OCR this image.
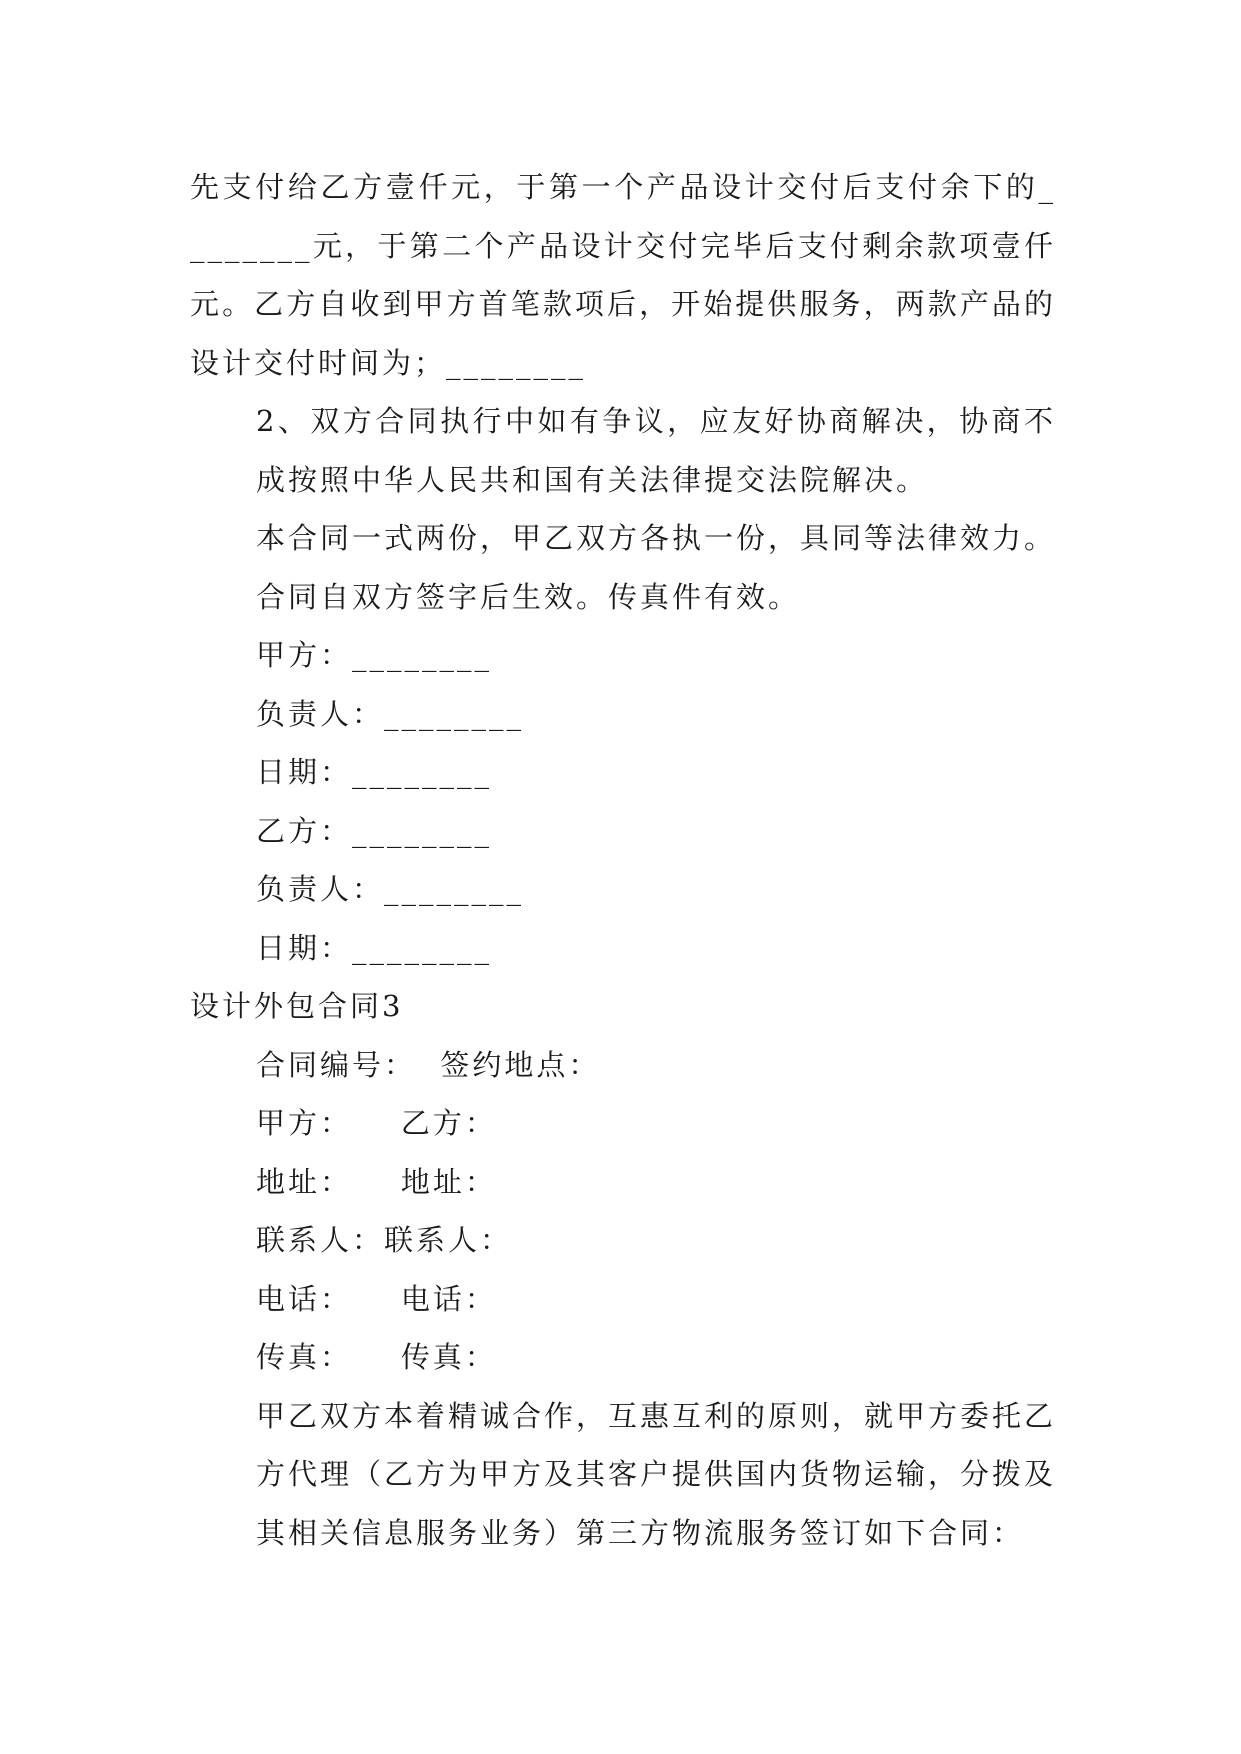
先支付给乙方壹仟元，于第一个产品设计交付后支付余下的________元，于第二个产品设计交付完毕后支付剩余款项壹仟元。乙方自收到甲方首笔款项后，开始提供服务，两款产品的设计交付时间为；________

2、双方合同执行中如有争议，应友好协商解决，协商不成按照中华人民共和国有关法律提交法院解决。

本合同一式两份，甲乙双方各执一份，具同等法律效力。合同自双方签字后生效。传真件有效。

甲方：________

负责人：________

日期：________

乙方：________

负责人：________

日期：________

设计外包合同3

合同编号：  签约地点：

甲方：    乙方：

地址：    地址：

联系人：联系人：

电话：    电话：

传真：    传真：

甲乙双方本着精诚合作，互惠互利的原则，就甲方委托乙方代理（乙方为甲方及其客户提供国内货物运输，分拨及其相关信息服务业务）第三方物流服务签订如下合同：
